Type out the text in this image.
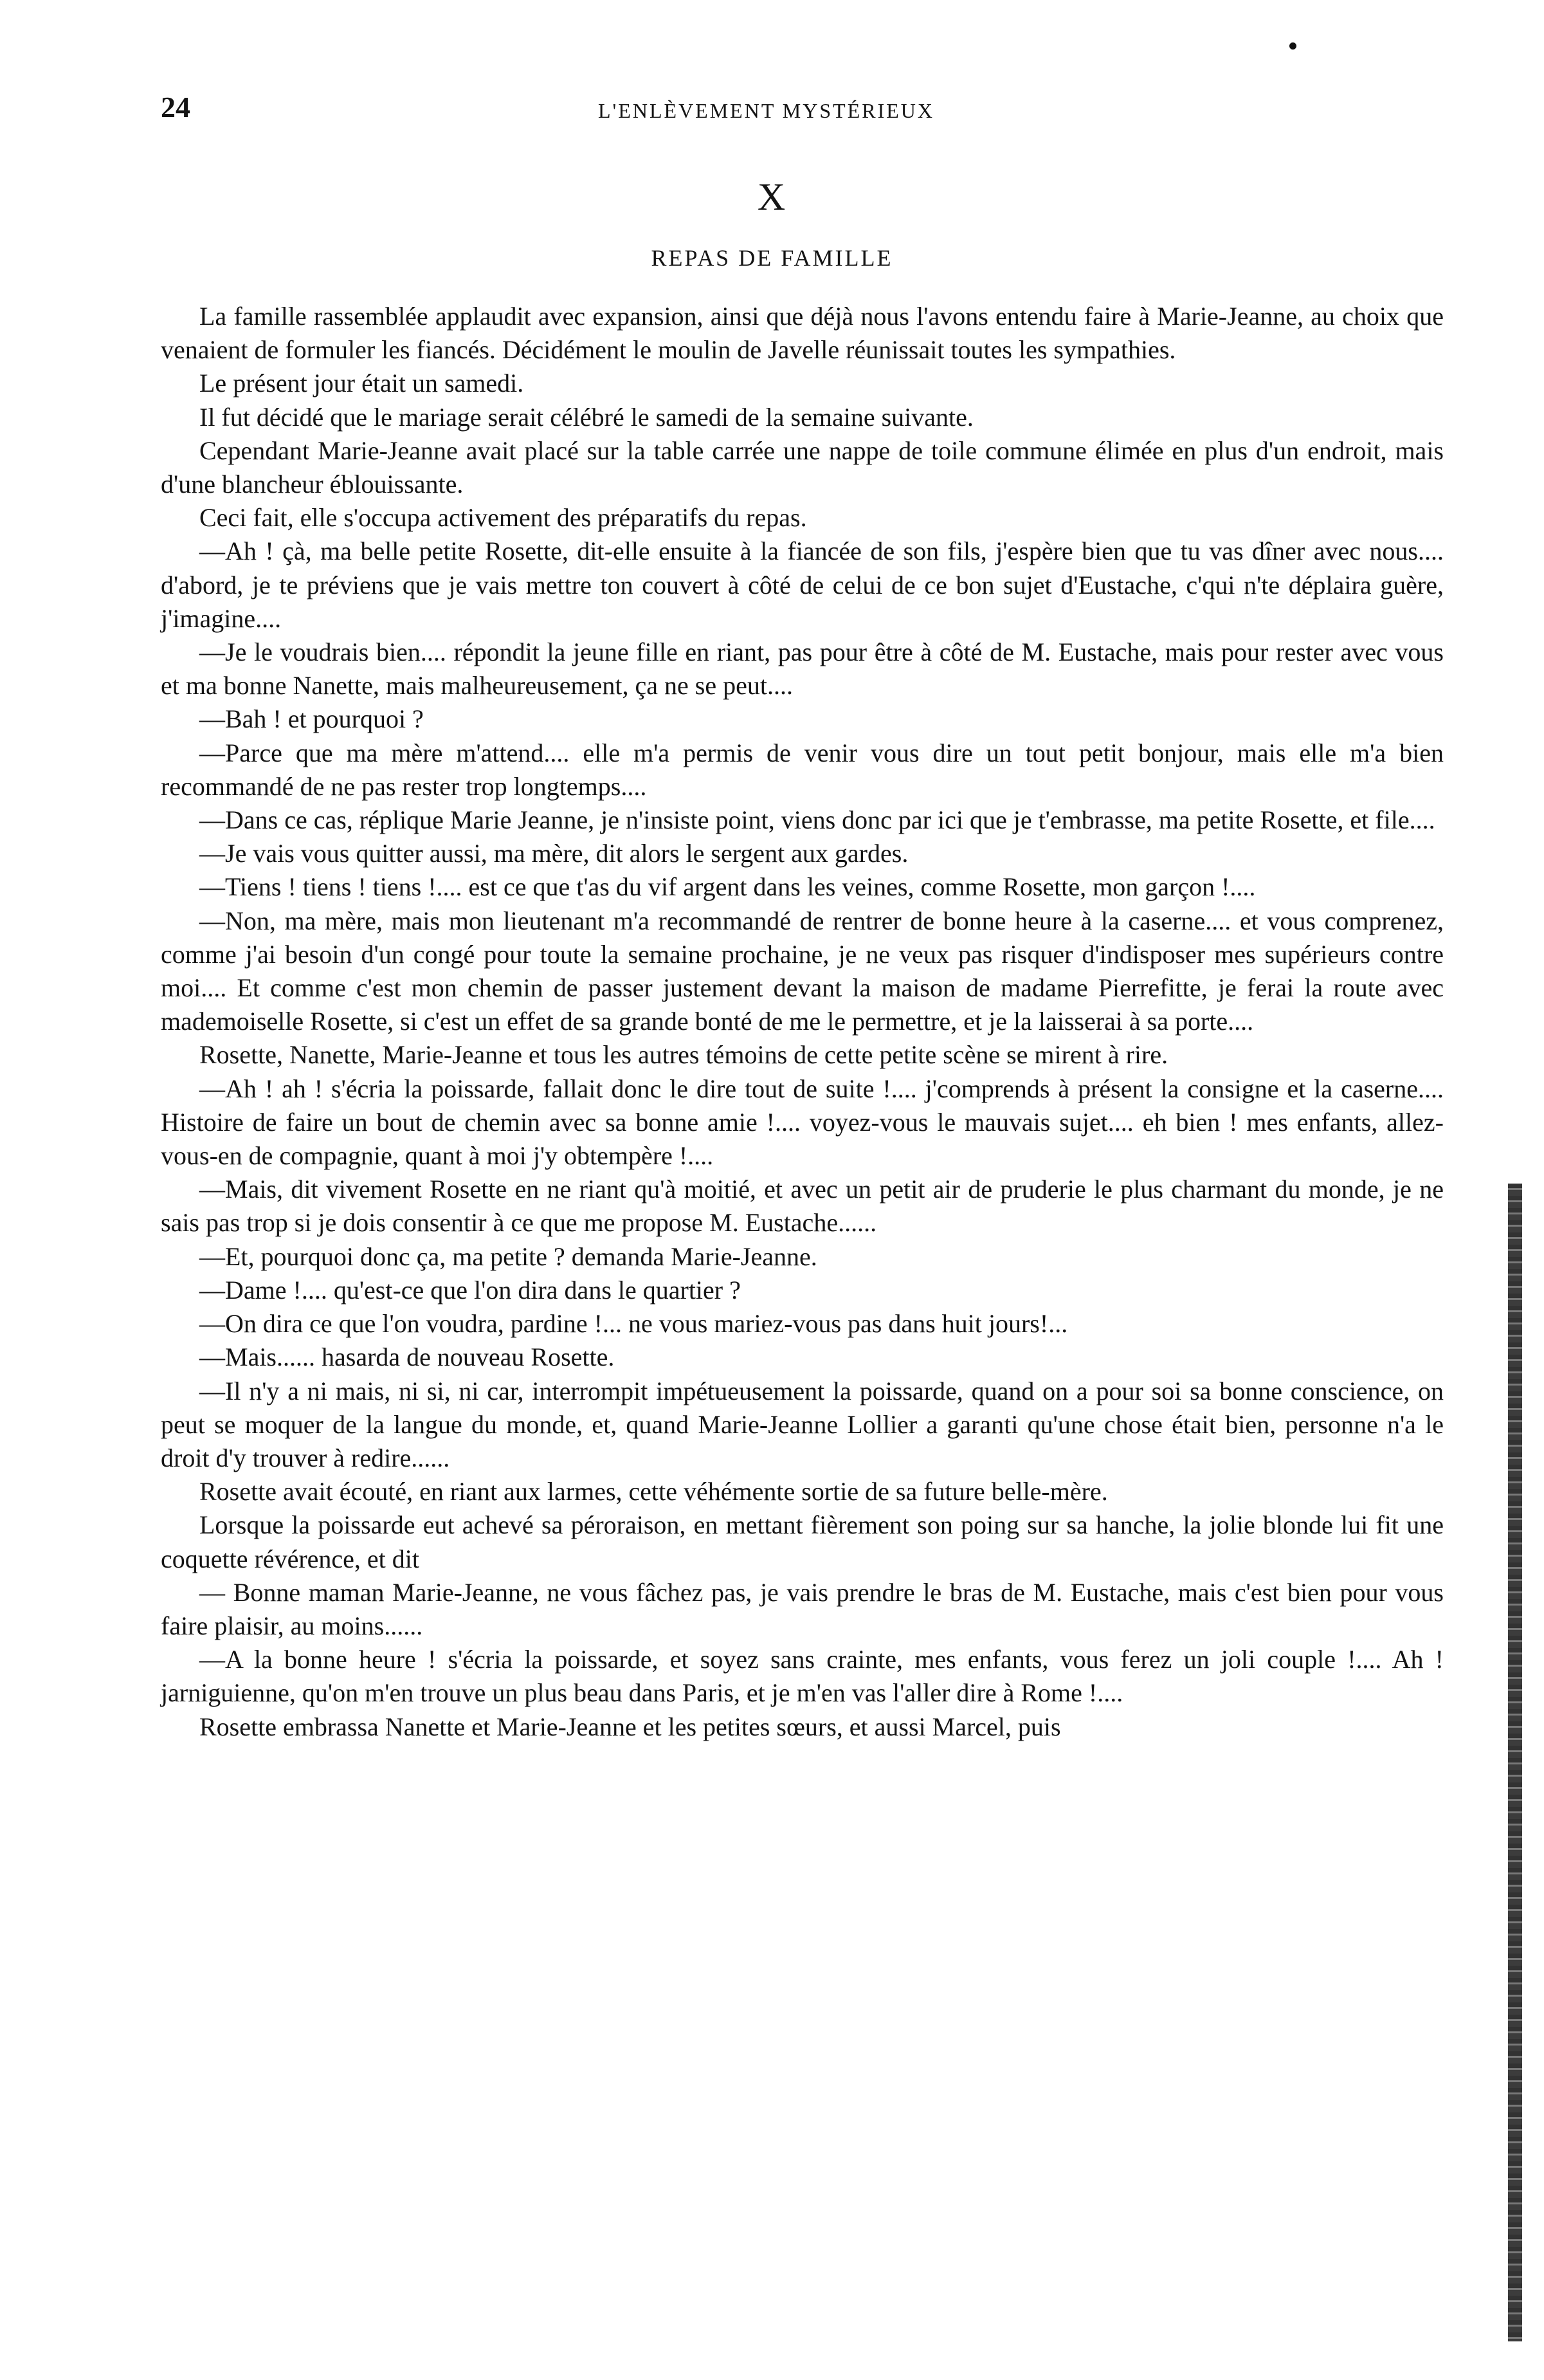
24	L'ENLÈVEMENT MYSTÉRIEUX
X
REPAS DE FAMILLE

La famille rassemblée applaudit avec expansion, ainsi que déjà nous l'avons entendu faire à Marie-Jeanne, au choix que venaient de formuler les fiancés. Décidément le moulin de Javelle réunissait toutes les sympathies.

Le présent jour était un samedi.

Il fut décidé que le mariage serait célébré le samedi de la semaine suivante.

Cependant Marie-Jeanne avait placé sur la table carrée une nappe de toile commune élimée en plus d'un endroit, mais d'une blancheur éblouissante.

Ceci fait, elle s'occupa activement des préparatifs du repas.

—Ah ! çà, ma belle petite Rosette, dit-elle ensuite à la fiancée de son fils, j'espère bien que tu vas dîner avec nous.... d'abord, je te préviens que je vais mettre ton couvert à côté de celui de ce bon sujet d'Eustache, c'qui n'te déplaira guère, j'imagine....

—Je le voudrais bien.... répondit la jeune fille en riant, pas pour être à côté de M. Eustache, mais pour rester avec vous et ma bonne Nanette, mais malheureusement, ça ne se peut....

—Bah ! et pourquoi ?

—Parce que ma mère m'attend.... elle m'a permis de venir vous dire un tout petit bonjour, mais elle m'a bien recommandé de ne pas rester trop longtemps....

—Dans ce cas, réplique Marie Jeanne, je n'insiste point, viens donc par ici que je t'embrasse, ma petite Rosette, et file....

—Je vais vous quitter aussi, ma mère, dit alors le sergent aux gardes.

—Tiens ! tiens ! tiens !.... est ce que t'as du vif argent dans les veines, comme Rosette, mon garçon !....

—Non, ma mère, mais mon lieutenant m'a recommandé de rentrer de bonne heure à la caserne.... et vous comprenez, comme j'ai besoin d'un congé pour toute la semaine prochaine, je ne veux pas risquer d'indisposer mes supérieurs contre moi.... Et comme c'est mon chemin de passer justement devant la maison de madame Pierrefitte, je ferai la route avec mademoiselle Rosette, si c'est un effet de sa grande bonté de me le permettre, et je la laisserai à sa porte....

Rosette, Nanette, Marie-Jeanne et tous les autres témoins de cette petite scène se mirent à rire.

—Ah ! ah ! s'écria la poissarde, fallait donc le dire tout de suite !.... j'comprends à présent la consigne et la caserne.... Histoire de faire un bout de chemin avec sa bonne amie !.... voyez-vous le mauvais sujet.... eh bien ! mes enfants, allez-vous-en de compagnie, quant à moi j'y obtempère !....

—Mais, dit vivement Rosette en ne riant qu'à moitié, et avec un petit air de pruderie le plus charmant du monde, je ne sais pas trop si je dois consentir à ce que me propose M. Eustache......

—Et, pourquoi donc ça, ma petite ? demanda Marie-Jeanne.

—Dame !.... qu'est-ce que l'on dira dans le quartier ?

—On dira ce que l'on voudra, pardine !... ne vous mariez-vous pas dans huit jours!...

—Mais...... hasarda de nouveau Rosette.

—Il n'y a ni mais, ni si, ni car, interrompit impétueusement la poissarde, quand on a pour soi sa bonne conscience, on peut se moquer de la langue du monde, et, quand Marie-Jeanne Lollier a garanti qu'une chose était bien, personne n'a le droit d'y trouver à redire......

Rosette avait écouté, en riant aux larmes, cette véhémente sortie de sa future belle-mère.

Lorsque la poissarde eut achevé sa péroraison, en mettant fièrement son poing sur sa hanche, la jolie blonde lui fit une coquette révérence, et dit

— Bonne maman Marie-Jeanne, ne vous fâchez pas, je vais prendre le bras de M. Eustache, mais c'est bien pour vous faire plaisir, au moins......

—A la bonne heure ! s'écria la poissarde, et soyez sans crainte, mes enfants, vous ferez un joli couple !.... Ah ! jarniguienne, qu'on m'en trouve un plus beau dans Paris, et je m'en vas l'aller dire à Rome !....

Rosette embrassa Nanette et Marie-Jeanne et les petites sœurs, et aussi Marcel, puis
